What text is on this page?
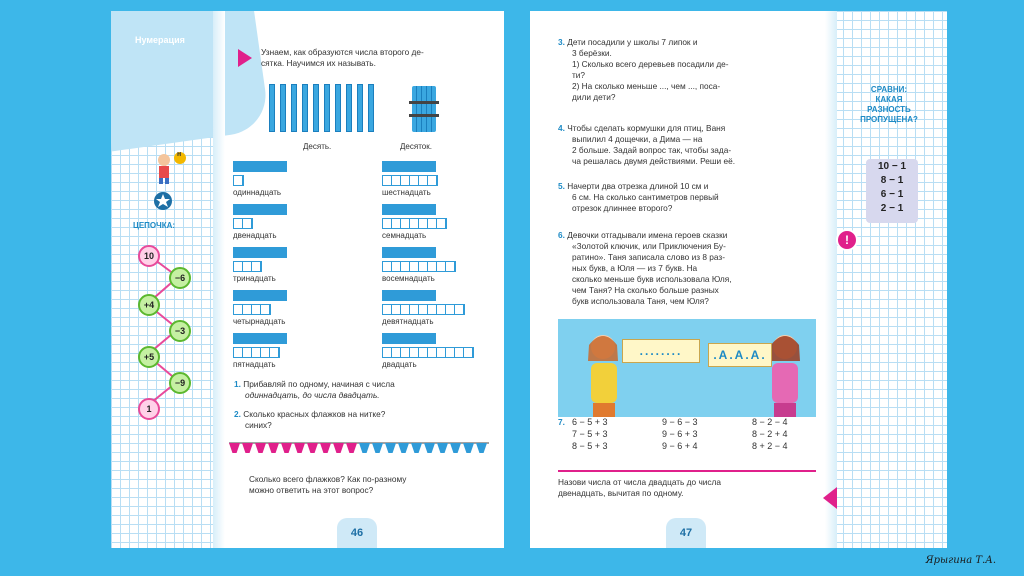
Нумерация
н
ЦЕПОЧКА:
10
−6
+4
−3
+5
−9
1
Узнаем, как образуются числа второго де-
сятка. Научимся их называть.
Десять.	Десяток.
1. Прибавляй по одному, начиная с числа
одиннадцать, до числа двадцать.
2. Сколько красных флажков на нитке?
синих?
Сколько всего флажков? Как по-разному
можно ответить на этот вопрос?
46
одиннадцать
двенадцать
тринадцать
четырнадцать
пятнадцать
шестнадцать
семнадцать
восемнадцать
девятнадцать
двадцать
........	.А.А.А.
7.
Назови числа от числа двадцать до числа
двенадцать, вычитая по одному.
СРАВНИ:
КАКАЯ
РАЗНОСТЬ
ПРОПУЩЕНА?
10 − 1
8 − 1
6 − 1
2 − 1
!
47
3. Дети посадили у школы 7 липок и
3 берёзки.
1) Сколько всего деревьев посадили де-
ти?
2) На сколько меньше ..., чем ..., поса-
дили дети?
4. Чтобы сделать кормушки для птиц, Ваня
выпилил 4 дощечки, а Дима — на
2 больше. Задай вопрос так, чтобы зада-
ча решалась двумя действиями. Реши её.
5. Начерти два отрезка длиной 10 см и
6 см. На сколько сантиметров первый
отрезок длиннее второго?
6. Девочки отгадывали имена героев сказки
«Золотой ключик, или Приключения Бу-
ратино». Таня записала слово из 8 раз-
ных букв, а Юля — из 7 букв. На
сколько меньше букв использовала Юля,
чем Таня? На сколько больше разных
букв использовала Таня, чем Юля?
6 − 5 + 3
7 − 5 + 3
8 − 5 + 3
9 − 6 − 3
9 − 6 + 3
9 − 6 + 4
8 − 2 − 4
8 − 2 + 4
8 + 2 − 4
Ярыгина Т.А.
